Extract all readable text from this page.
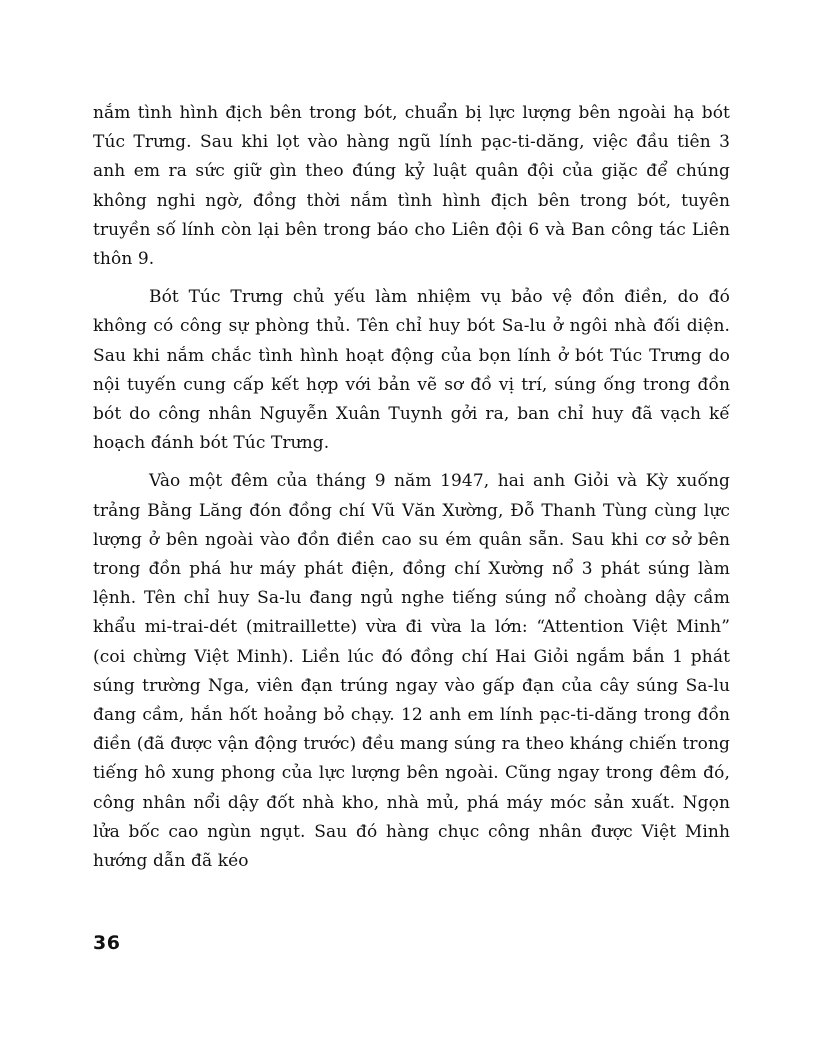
nắm tình hình địch bên trong bót, chuẩn bị lực lượng bên ngoài hạ bót Túc Trưng. Sau khi lọt vào hàng ngũ lính pạc-ti-dăng, việc đầu tiên 3 anh em ra sức giữ gìn theo đúng kỷ luật quân đội của giặc để chúng không nghi ngờ, đồng thời nắm tình hình địch bên trong bót, tuyên truyền số lính còn lại bên trong báo cho Liên đội 6 và Ban công tác Liên thôn 9.

Bót Túc Trưng chủ yếu làm nhiệm vụ bảo vệ đồn điền, do đó không có công sự phòng thủ. Tên chỉ huy bót Sa-lu ở ngôi nhà đối diện. Sau khi nắm chắc tình hình hoạt động của bọn lính ở bót Túc Trưng do nội tuyến cung cấp kết hợp với bản vẽ sơ đồ vị trí, súng ống trong đồn bót do công nhân Nguyễn Xuân Tuynh gởi ra, ban chỉ huy đã vạch kế hoạch đánh bót Túc Trưng.

Vào một đêm của tháng 9 năm 1947, hai anh Giỏi và Kỳ xuống trảng Bằng Lăng đón đồng chí Vũ Văn Xường, Đỗ Thanh Tùng cùng lực lượng ở bên ngoài vào đồn điền cao su ém quân sẵn. Sau khi cơ sở bên trong đồn phá hư máy phát điện, đồng chí Xường nổ 3 phát súng làm lệnh. Tên chỉ huy Sa-lu đang ngủ nghe tiếng súng nổ choàng dậy cầm khẩu mi-trai-dét (mitraillette) vừa đi vừa la lớn: “Attention Việt Minh” (coi chừng Việt Minh). Liền lúc đó đồng chí Hai Giỏi ngắm bắn 1 phát súng trường Nga, viên đạn trúng ngay vào gấp đạn của cây súng Sa-lu đang cầm, hắn hốt hoảng bỏ chạy. 12 anh em lính pạc-ti-dăng trong đồn điền (đã được vận động trước) đều mang súng ra theo kháng chiến trong tiếng hô xung phong của lực lượng bên ngoài. Cũng ngay trong đêm đó, công nhân nổi dậy đốt nhà kho, nhà mủ, phá máy móc sản xuất. Ngọn lửa bốc cao ngùn ngụt. Sau đó hàng chục công nhân được Việt Minh hướng dẫn đã kéo

36
